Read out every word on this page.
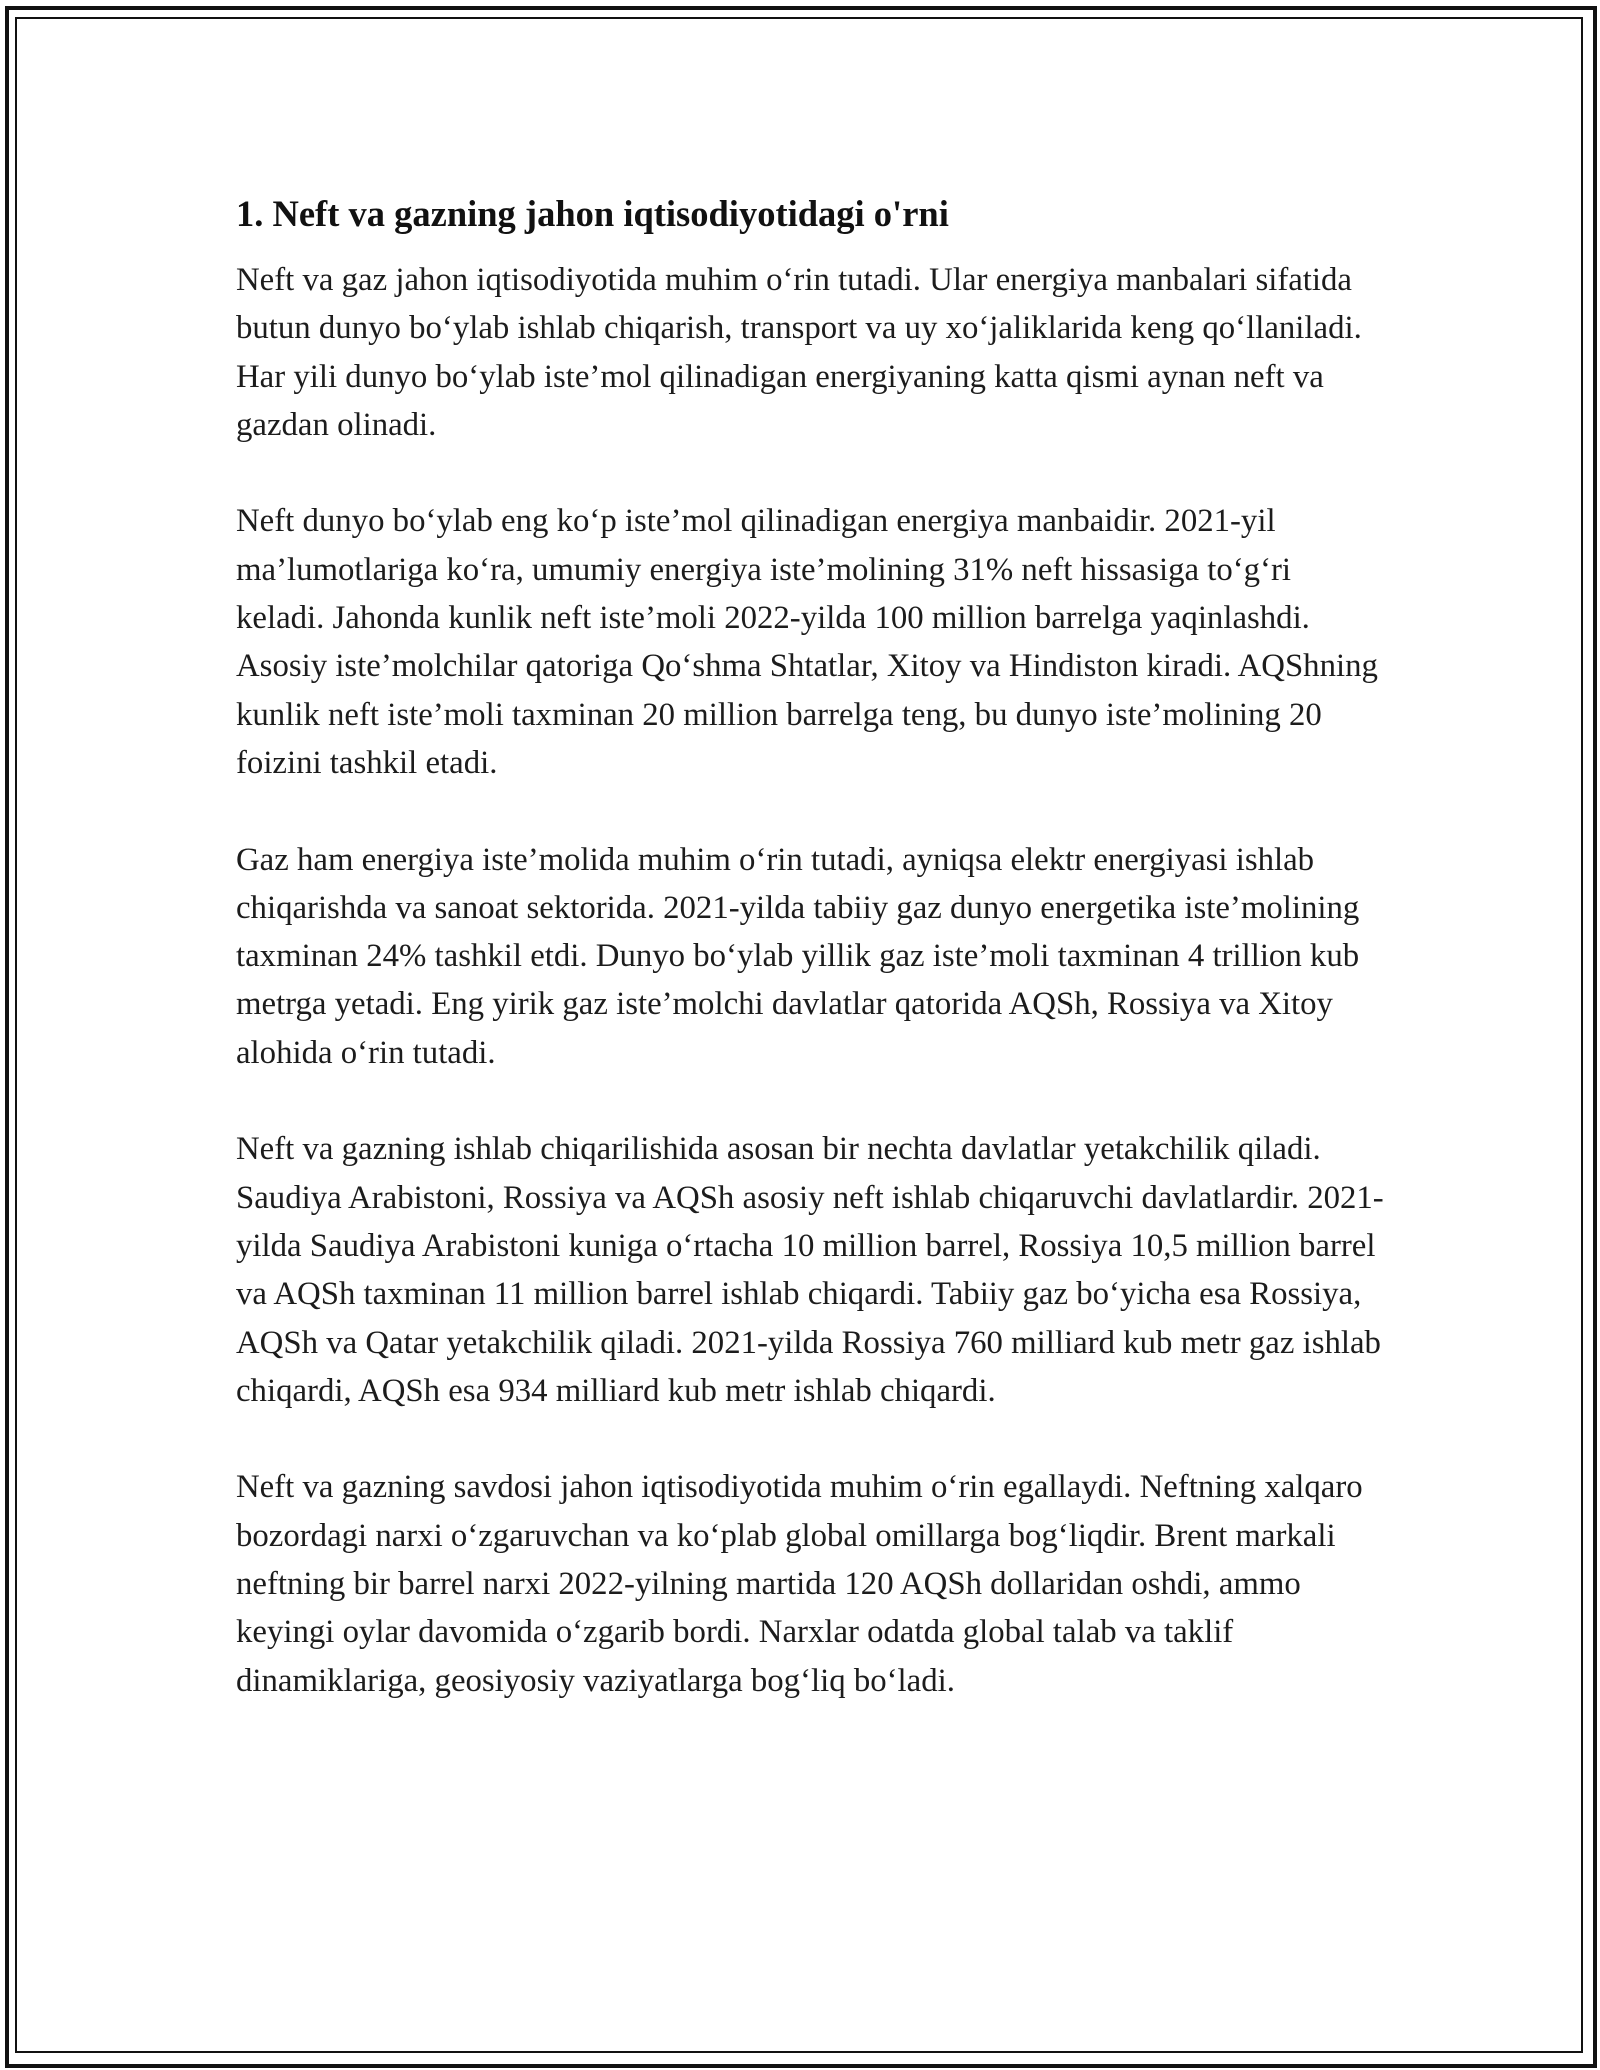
1. Neft va gazning jahon iqtisodiyotidagi o'rni

Neft va gaz jahon iqtisodiyotida muhim o‘rin tutadi. Ular energiya manbalari sifatida butun dunyo bo‘ylab ishlab chiqarish, transport va uy xo‘jaliklarida keng qo‘llaniladi. Har yili dunyo bo‘ylab iste’mol qilinadigan energiyaning katta qismi aynan neft va gazdan olinadi.

Neft dunyo bo‘ylab eng ko‘p iste’mol qilinadigan energiya manbaidir. 2021-yil ma’lumotlariga ko‘ra, umumiy energiya iste’molining 31% neft hissasiga to‘g‘ri keladi. Jahonda kunlik neft iste’moli 2022-yilda 100 million barrelga yaqinlashdi. Asosiy iste’molchilar qatoriga Qo‘shma Shtatlar, Xitoy va Hindiston kiradi. AQShning kunlik neft iste’moli taxminan 20 million barrelga teng, bu dunyo iste’molining 20 foizini tashkil etadi.

Gaz ham energiya iste’molida muhim o‘rin tutadi, ayniqsa elektr energiyasi ishlab chiqarishda va sanoat sektorida. 2021-yilda tabiiy gaz dunyo energetika iste’molining taxminan 24% tashkil etdi. Dunyo bo‘ylab yillik gaz iste’moli taxminan 4 trillion kub metrga yetadi. Eng yirik gaz iste’molchi davlatlar qatorida AQSh, Rossiya va Xitoy alohida o‘rin tutadi.

Neft va gazning ishlab chiqarilishida asosan bir nechta davlatlar yetakchilik qiladi. Saudiya Arabistoni, Rossiya va AQSh asosiy neft ishlab chiqaruvchi davlatlardir. 2021-yilda Saudiya Arabistoni kuniga o‘rtacha 10 million barrel, Rossiya 10,5 million barrel va AQSh taxminan 11 million barrel ishlab chiqardi. Tabiiy gaz bo‘yicha esa Rossiya, AQSh va Qatar yetakchilik qiladi. 2021-yilda Rossiya 760 milliard kub metr gaz ishlab chiqardi, AQSh esa 934 milliard kub metr ishlab chiqardi.

Neft va gazning savdosi jahon iqtisodiyotida muhim o‘rin egallaydi. Neftning xalqaro bozordagi narxi o‘zgaruvchan va ko‘plab global omillarga bog‘liqdir. Brent markali neftning bir barrel narxi 2022-yilning martida 120 AQSh dollaridan oshdi, ammo keyingi oylar davomida o‘zgarib bordi. Narxlar odatda global talab va taklif dinamiklariga, geosiyosiy vaziyatlarga bog‘liq bo‘ladi.
